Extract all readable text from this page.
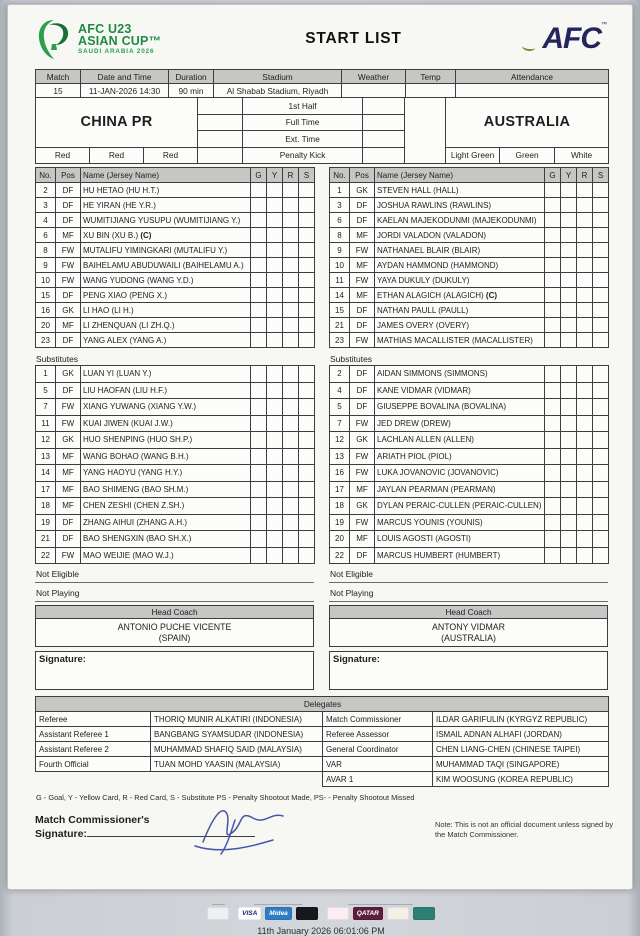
AFC U23
ASIAN CUP™
SAUDI ARABIA 2026
START LIST	AFC™
Match	Date and Time	Duration	Stadium	Weather	Temp	Attendance
15	11-JAN-2026 14:30	90 min	Al Shabab Stadium, Riyadh			
CHINA PR				1st Half			AUSTRALIA		
				Full Time					
				Ext. Time					
Red	Red	Red		Penalty Kick			Light Green	Green	White
No.	Pos	Name (Jersey Name)	G	Y	R	S
2	DF	HU HETAO (HU H.T.)				
3	DF	HE YIRAN (HE Y.R.)				
4	DF	WUMITIJIANG YUSUPU (WUMITIJIANG Y.)				
6	MF	XU BIN (XU B.) (C)				
8	FW	MUTALIFU YIMINGKARI (MUTALIFU Y.)				
9	FW	BAIHELAMU ABUDUWAILI (BAIHELAMU A.)				
10	FW	WANG YUDONG (WANG Y.D.)				
15	DF	PENG XIAO (PENG X.)				
16	GK	LI HAO (LI H.)				
20	MF	LI ZHENQUAN (LI ZH.Q.)				
23	DF	YANG ALEX (YANG A.)				
No.	Pos	Name (Jersey Name)	G	Y	R	S
1	GK	STEVEN HALL (HALL)				
3	DF	JOSHUA RAWLINS (RAWLINS)				
6	DF	KAELAN MAJEKODUNMI (MAJEKODUNMI)				
8	MF	JORDI VALADON (VALADON)				
9	FW	NATHANAEL BLAIR (BLAIR)				
10	MF	AYDAN HAMMOND (HAMMOND)				
11	FW	YAYA DUKULY (DUKULY)				
14	MF	ETHAN ALAGICH (ALAGICH) (C)				
15	DF	NATHAN PAULL (PAULL)				
21	DF	JAMES OVERY (OVERY)				
23	FW	MATHIAS MACALLISTER (MACALLISTER)				
Substitutes
1	GK	LUAN YI (LUAN Y.)				
5	DF	LIU HAOFAN (LIU H.F.)				
7	FW	XIANG YUWANG (XIANG Y.W.)				
11	FW	KUAI JIWEN (KUAI J.W.)				
12	GK	HUO SHENPING (HUO SH.P.)				
13	MF	WANG BOHAO (WANG B.H.)				
14	MF	YANG HAOYU (YANG H.Y.)				
17	MF	BAO SHIMENG (BAO SH.M.)				
18	MF	CHEN ZESHI (CHEN Z.SH.)				
19	DF	ZHANG AIHUI (ZHANG A.H.)				
21	DF	BAO SHENGXIN (BAO SH.X.)				
22	FW	MAO WEIJIE (MAO W.J.)				
Not Eligible
Not Playing
Substitutes
2	DF	AIDAN SIMMONS (SIMMONS)				
4	DF	KANE VIDMAR (VIDMAR)				
5	DF	GIUSEPPE BOVALINA (BOVALINA)				
7	FW	JED DREW (DREW)				
12	GK	LACHLAN ALLEN (ALLEN)				
13	FW	ARIATH PIOL (PIOL)				
16	FW	LUKA JOVANOVIC (JOVANOVIC)				
17	MF	JAYLAN PEARMAN (PEARMAN)				
18	GK	DYLAN PERAIC-CULLEN (PERAIC-CULLEN)				
19	FW	MARCUS YOUNIS (YOUNIS)				
20	MF	LOUIS AGOSTI (AGOSTI)				
22	DF	MARCUS HUMBERT (HUMBERT)				
Not Eligible
Not Playing
Head Coach
ANTONIO PUCHE VICENTE
(SPAIN)
Signature:
Head Coach
ANTONY VIDMAR
(AUSTRALIA)
Signature:
Delegates			
Referee	THORIQ MUNIR ALKATIRI (INDONESIA)	Match Commissioner	ILDAR GARIFULIN (KYRGYZ REPUBLIC)
Assistant Referee 1	BANGBANG SYAMSUDAR (INDONESIA)	Referee Assessor	ISMAIL ADNAN ALHAFI (JORDAN)
Assistant Referee 2	MUHAMMAD SHAFIQ SAID (MALAYSIA)	General Coordinator	CHEN LIANG-CHEN (CHINESE TAIPEI)
Fourth Official	TUAN MOHD YAASIN (MALAYSIA)	VAR	MUHAMMAD TAQI (SINGAPORE)
		AVAR 1	KIM WOOSUNG (KOREA REPUBLIC)
G - Goal, Y - Yellow Card, R - Red Card, S - Substitute PS - Penalty Shootout Made, PS- - Penalty Shootout Missed
Match Commissioner's
Signature:
Note: This is not an official document unless signed by the Match Commissioner.
VISA	Midea	QATAR
11th January 2026 06:01:06 PM
